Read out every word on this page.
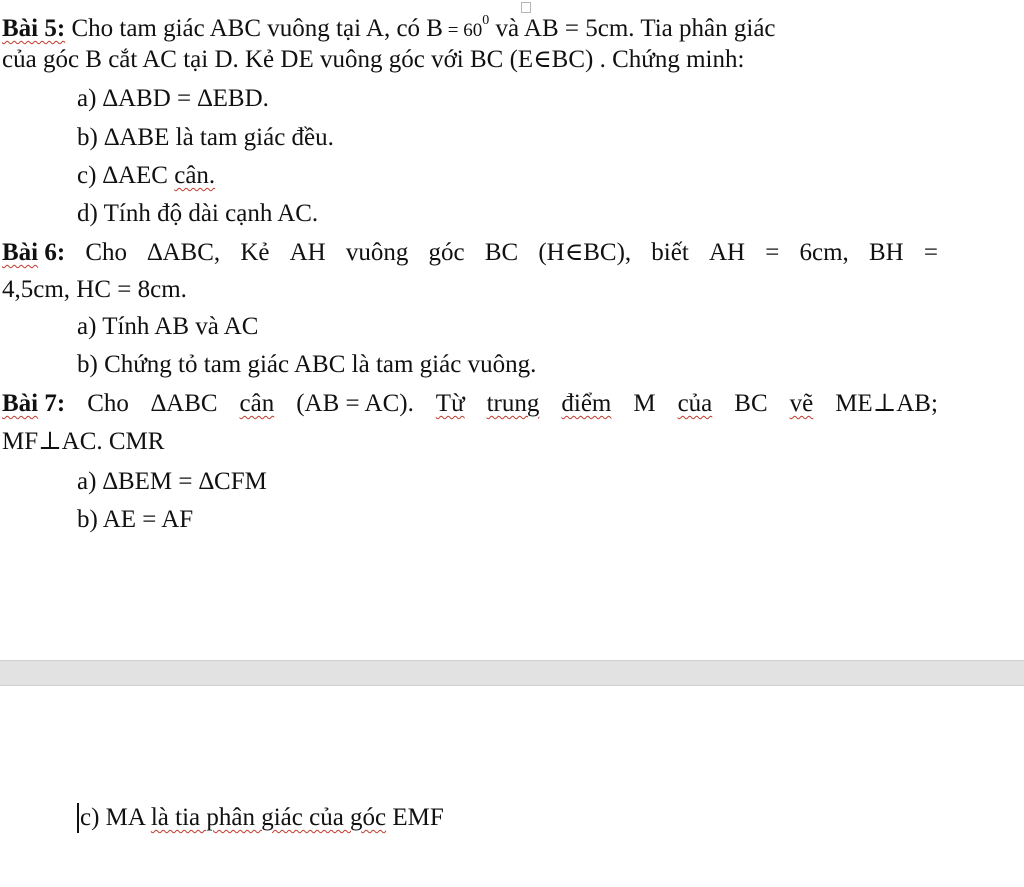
Bài 5: Cho tam giác ABC vuông tại A, có $B = 60^0$ và AB = 5cm. Tia phân giác
của góc B cắt AC tại D. Kẻ DE vuông góc với BC (E∈BC) . Chứng minh:
a) ∆ABD = ∆EBD.
b) ∆ABE là tam giác đều.
c) ∆AEC cân.
d) Tính độ dài cạnh AC.
Bài 6: Cho ∆ABC, Kẻ AH vuông góc BC (H∈BC), biết AH = 6cm, BH =
4,5cm, HC = 8cm.
a) Tính AB và AC
b) Chứng tỏ tam giác ABC là tam giác vuông.
Bài 7: Cho ∆ABC cân (AB = AC). Từ trung điểm M của BC vẽ ME⊥AB;
MF⊥AC. CMR
a) ∆BEM = ∆CFM
b) AE = AF
c) MA là tia phân giác của góc EMF
